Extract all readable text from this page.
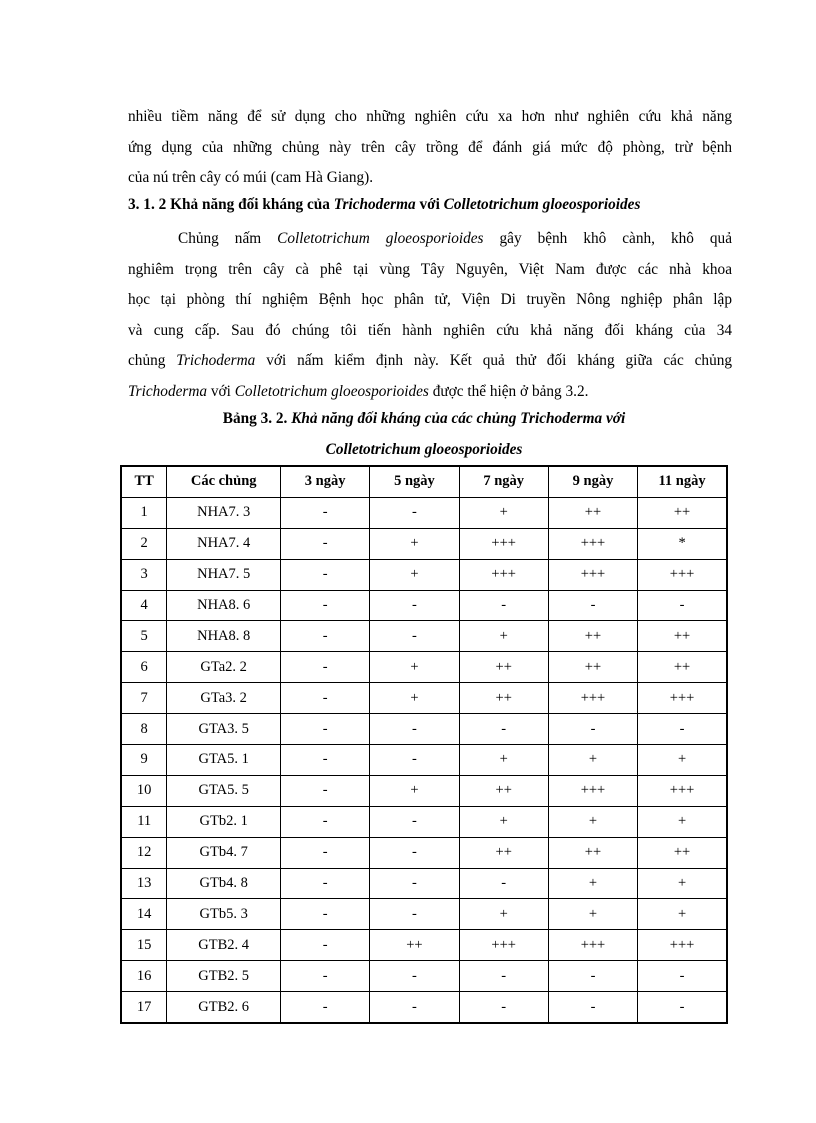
nhiều tiềm năng để sử dụng cho những nghiên cứu xa hơn như nghiên cứu khả năng
ứng dụng của những chủng này trên cây trồng để đánh giá mức độ phòng, trừ bệnh
của nú trên cây có múi (cam Hà Giang).
3. 1. 2 Khả năng đối kháng của Trichoderma với Colletotrichum gloeosporioides
Chủng nấm Colletotrichum gloeosporioides gây bệnh khô cành, khô quả
nghiêm trọng trên cây cà phê tại vùng Tây Nguyên, Việt Nam được các nhà khoa
học tại phòng thí nghiệm Bệnh học phân tử, Viện Di truyền Nông nghiệp phân lập
và cung cấp. Sau đó chúng tôi tiến hành nghiên cứu khả năng đối kháng của 34
chủng Trichoderma với nấm kiểm định này. Kết quả thử đối kháng giữa các chủng
Trichoderma với Colletotrichum gloeosporioides được thể hiện ở bảng 3.2.
Bảng 3. 2. Khả năng đối kháng của các chủng Trichoderma với
Colletotrichum gloeosporioides
TT	Các chủng	3 ngày	5 ngày	7 ngày	9 ngày	11 ngày
1	NHA7. 3	-	-	+	++	++
2	NHA7. 4	-	+	+++	+++	*
3	NHA7. 5	-	+	+++	+++	+++
4	NHA8. 6	-	-	-	-	-
5	NHA8. 8	-	-	+	++	++
6	GTa2. 2	-	+	++	++	++
7	GTa3. 2	-	+	++	+++	+++
8	GTA3. 5	-	-	-	-	-
9	GTA5. 1	-	-	+	+	+
10	GTA5. 5	-	+	++	+++	+++
11	GTb2. 1	-	-	+	+	+
12	GTb4. 7	-	-	++	++	++
13	GTb4. 8	-	-	-	+	+
14	GTb5. 3	-	-	+	+	+
15	GTB2. 4	-	++	+++	+++	+++
16	GTB2. 5	-	-	-	-	-
17	GTB2. 6	-	-	-	-	-
